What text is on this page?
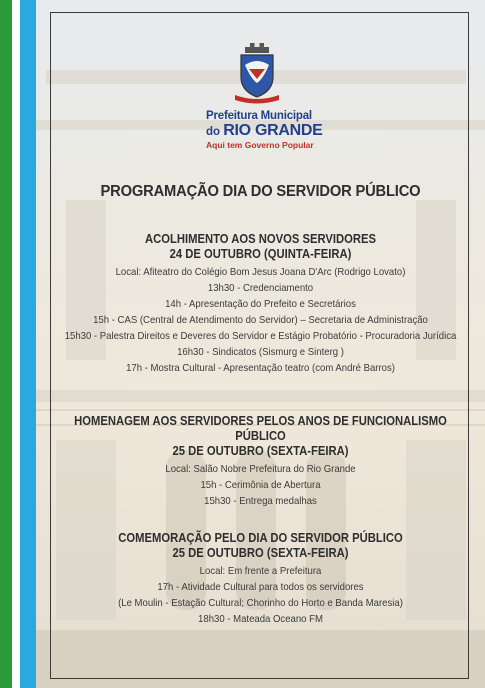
Prefeitura Municipal
do RIO GRANDE
Aqui tem Governo Popular
PROGRAMAÇÃO DIA DO SERVIDOR PÚBLICO
ACOLHIMENTO AOS NOVOS SERVIDORES
24 DE OUTUBRO (QUINTA-FEIRA)
Local: Afiteatro do Colégio Bom Jesus Joana D'Arc (Rodrigo Lovato)
13h30 - Credenciamento
14h - Apresentação do Prefeito e Secretários
15h - CAS (Central de Atendimento do Servidor) – Secretaria de Administração
15h30 - Palestra Direitos e Deveres do Servidor e Estágio Probatório - Procuradoria Jurídica
16h30 - Sindicatos (Sismurg e Sinterg )
17h - Mostra Cultural - Apresentação teatro (com André Barros)
HOMENAGEM AOS SERVIDORES PELOS ANOS DE FUNCIONALISMO PÚBLICO
25 DE OUTUBRO (SEXTA-FEIRA)
Local: Salão Nobre Prefeitura do Rio Grande
15h - Cerimônia de Abertura
15h30 - Entrega medalhas
COMEMORAÇÃO PELO DIA DO SERVIDOR PÚBLICO
25 DE OUTUBRO (SEXTA-FEIRA)
Local: Em frente a Prefeitura
17h - Atividade Cultural para todos os servidores
(Le Moulin - Estação Cultural; Chorinho do Horto e Banda Maresia)
18h30 - Mateada Oceano FM
